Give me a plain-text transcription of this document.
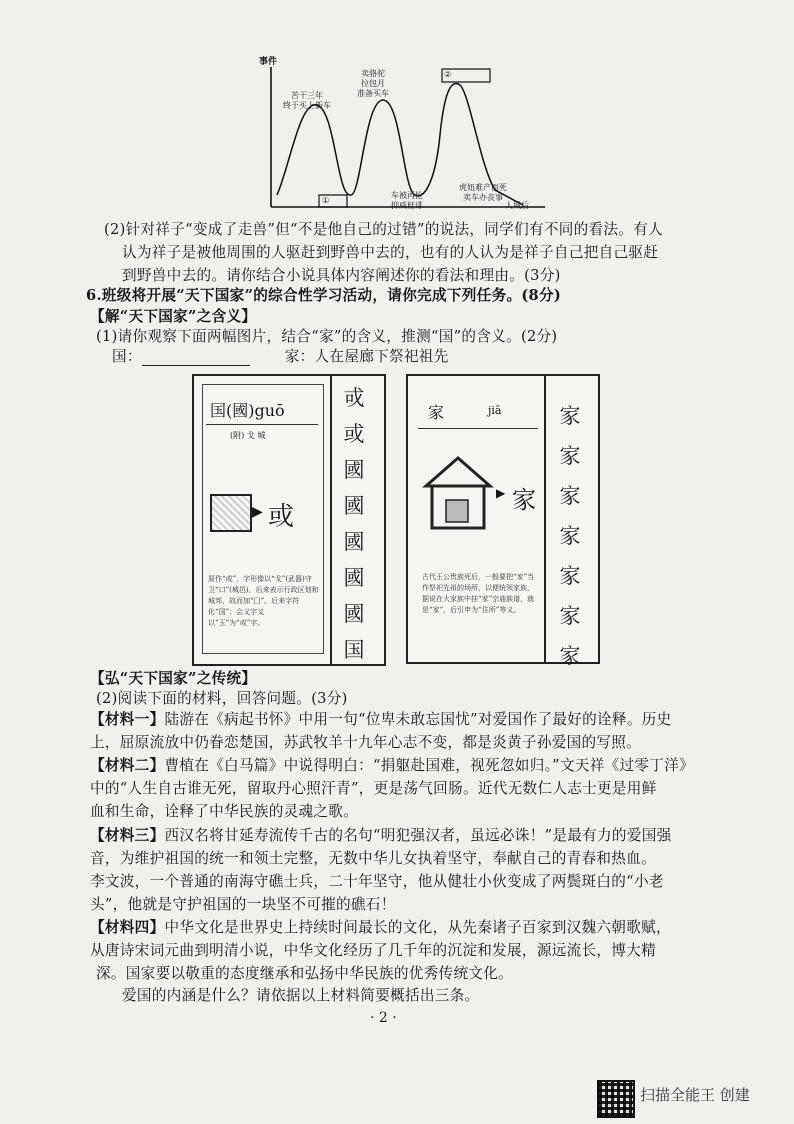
事件
苦干三年
终于买上新车
卖骆驼
拉包月
准备买车
①
②
车被再抢
抑威枉诽
虎妞难产而死
卖车办丧事
人城后
(2)针对祥子“变成了走兽”但“不是他自己的过错”的说法，同学们有不同的看法。有人
认为祥子是被他周围的人驱赶到野兽中去的，也有的人认为是祥子自己把自己驱赶
到野兽中去的。请你结合小说具体内容阐述你的看法和理由。(3分)
6.班级将开展“天下国家”的综合性学习活动，请你完成下列任务。(8分)
【解“天下国家”之含义】
(1)请你观察下面两幅图片，结合“家”的含义，推测“国”的含义。(2分)
国：	家：人在屋廊下祭祀祖先
国(國)guō
(附) 戈 城
▶ 或
原作“或”，字形像以“戈”(武器)守卫“口”(城邑)，后来表示行政区划和城邦，故而加“囗”。后来字符化“国”；会义字又以“玉”为“或”字。
戓
或
國
國
國
國
國
国
家	jiā
▶ 家
古代王公贵族死后，一般要把“家”当作祭祀先祖的场所，以便统领家族，据说在大家族中挂“家”宗庙族谱，就是“家”，后引申为“住所”等义。
家
家
家
家
家
家
家
【弘“天下国家”之传统】
(2)阅读下面的材料，回答问题。(3分)
【材料一】陆游在《病起书怀》中用一句“位卑未敢忘国忧”对爱国作了最好的诠释。历史
上，屈原流放中仍眷恋楚国，苏武牧羊十九年心志不变，都是炎黄子孙爱国的写照。
【材料二】曹植在《白马篇》中说得明白：“捐躯赴国难，视死忽如归。”文天祥《过零丁洋》
中的“人生自古谁无死，留取丹心照汗青”，更是荡气回肠。近代无数仁人志士更是用鲜
血和生命，诠释了中华民族的灵魂之歌。
【材料三】西汉名将甘延寿流传千古的名句“明犯强汉者，虽远必诛！”是最有力的爱国强
音，为维护祖国的统一和领土完整，无数中华儿女执着坚守，奉献自己的青春和热血。
李文波，一个普通的南海守礁士兵，二十年坚守，他从健壮小伙变成了两鬓斑白的“小老
头”，他就是守护祖国的一块坚不可摧的礁石！
【材料四】中华文化是世界史上持续时间最长的文化，从先秦诸子百家到汉魏六朝歌赋，
从唐诗宋词元曲到明清小说，中华文化经历了几千年的沉淀和发展，源远流长，博大精
深。国家要以敬重的态度继承和弘扬中华民族的优秀传统文化。
爱国的内涵是什么？请依据以上材料简要概括出三条。
· 2 ·
扫描全能王 创建
